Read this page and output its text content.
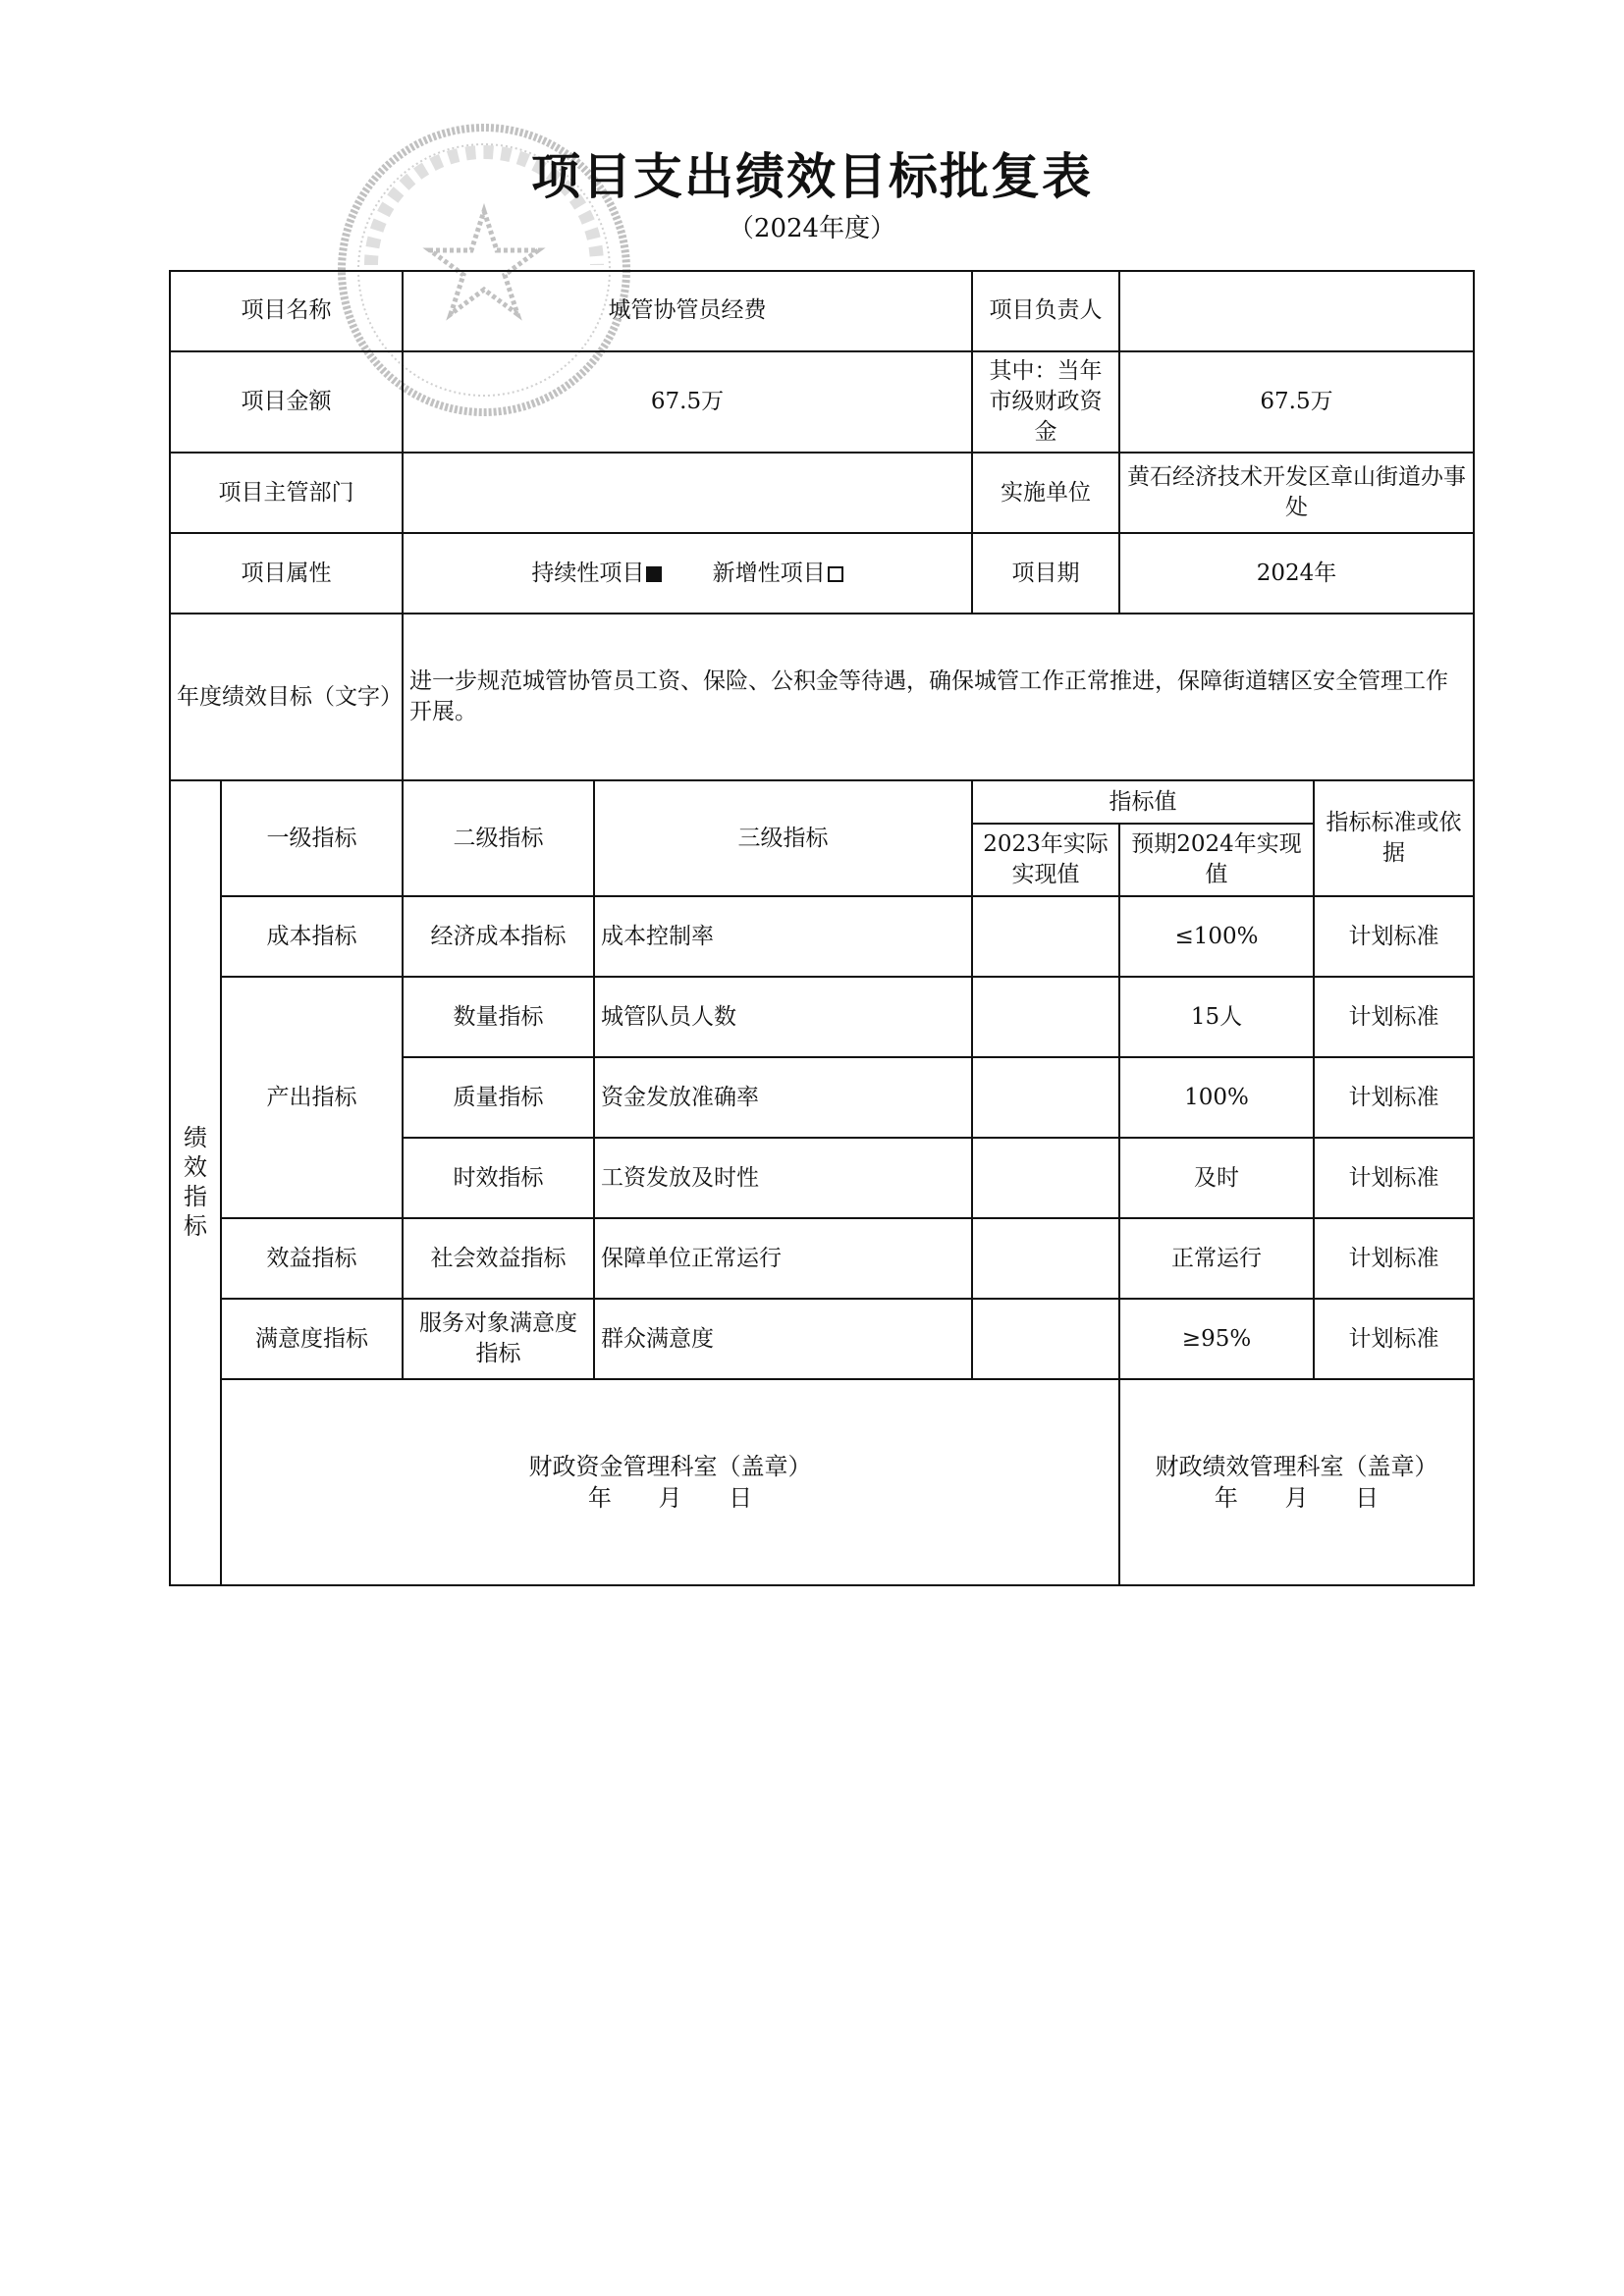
项目支出绩效目标批复表
（2024年度）
项目名称		城管协管员经费		项目负责人		
项目金额		67.5万		其中：当年市级财政资金	67.5万	
项目主管部门				实施单位	黄石经济技术开发区章山街道办事处	
项目属性		持续性项目 新增性项目		项目期	2024年	
年度绩效目标（文字）		进一步规范城管协管员工资、保险、公积金等待遇，确保城管工作正常推进，保障街道辖区安全管理工作开展。				
绩效指标	一级指标	二级指标	三级指标	指标值		指标标准或依据
				2023年实际实现值	预期2024年实现值	
	成本指标	经济成本指标	成本控制率		≤100%	计划标准
	产出指标	数量指标	城管队员人数		15人	计划标准
		质量指标	资金发放准确率		100%	计划标准
		时效指标	工资发放及时性		及时	计划标准
	效益指标	社会效益指标	保障单位正常运行		正常运行	计划标准
	满意度指标	服务对象满意度指标	群众满意度		≥95%	计划标准

	财政资金管理科室（盖章）
年 月 日				财政绩效管理科室（盖章）
年 月 日	
